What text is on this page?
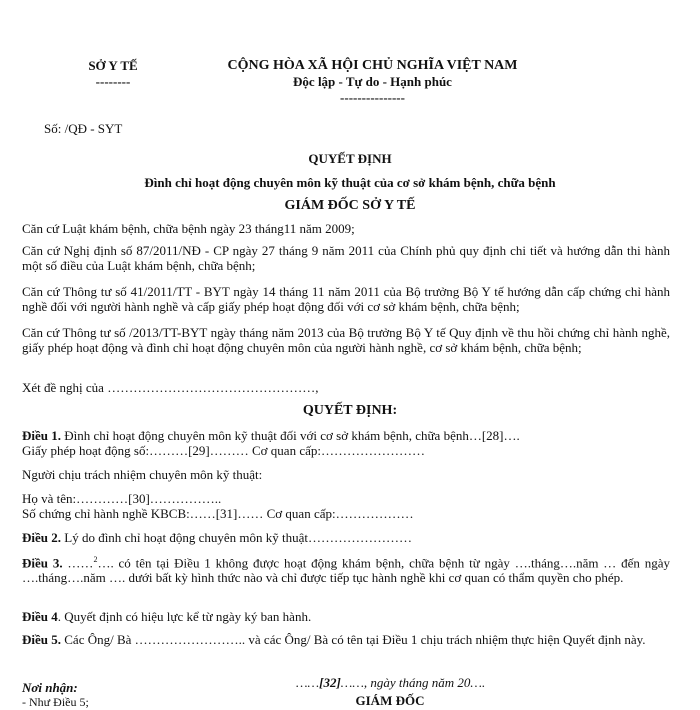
SỞ Y TẾ
--------
CỘNG HÒA XÃ HỘI CHỦ NGHĨA VIỆT NAM
Độc lập - Tự do - Hạnh phúc
---------------
Số: /QĐ - SYT
QUYẾT ĐỊNH
Đình chỉ hoạt động chuyên môn kỹ thuật của cơ sở khám bệnh, chữa bệnh
GIÁM ĐỐC SỞ Y TẾ
Căn cứ Luật khám bệnh, chữa bệnh ngày 23 tháng11 năm 2009;
Căn cứ Nghị định số 87/2011/NĐ - CP ngày 27 tháng 9 năm 2011 của Chính phủ quy định chi tiết và hướng dẫn thi hành một số điều của Luật khám bệnh, chữa bệnh;
Căn cứ Thông tư số 41/2011/TT - BYT ngày 14 tháng 11 năm 2011 của Bộ trưởng Bộ Y tế hướng dẫn cấp chứng chỉ hành nghề đối với người hành nghề và cấp giấy phép hoạt động đối với cơ sở khám bệnh, chữa bệnh;
Căn cứ Thông tư số /2013/TT-BYT ngày tháng năm 2013 của Bộ trưởng Bộ Y tế Quy định về thu hồi chứng chỉ hành nghề, giấy phép hoạt động và đình chỉ hoạt động chuyên môn của người hành nghề, cơ sở khám bệnh, chữa bệnh;
Xét đề nghị của …………………………………………,
QUYẾT ĐỊNH:
Điều 1. Đình chỉ hoạt động chuyên môn kỹ thuật đối với cơ sở khám bệnh, chữa bệnh…[28]….
Giấy phép hoạt động số:………[29]……… Cơ quan cấp:……………………
Người chịu trách nhiệm chuyên môn kỹ thuật:
Họ và tên:…………[30]……………..
Số chứng chỉ hành nghề KBCB:……[31]…… Cơ quan cấp:………………
Điều 2. Lý do đình chỉ hoạt động chuyên môn kỹ thuật……………………
Điều 3. ……$^2$…. có tên tại Điều 1 không được hoạt động khám bệnh, chữa bệnh từ ngày ….tháng….năm … đến ngày ….tháng….năm …. dưới bất kỳ hình thức nào và chỉ được tiếp tục hành nghề khi cơ quan có thẩm quyền cho phép.
Điều 4. Quyết định có hiệu lực kể từ ngày ký ban hành.
Điều 5. Các Ông/ Bà …………………….. và các Ông/ Bà có tên tại Điều 1 chịu trách nhiệm thực hiện Quyết định này.
Nơi nhận:
- Như Điều 5;
……[32]……, ngày tháng năm 20….
GIÁM ĐỐC
